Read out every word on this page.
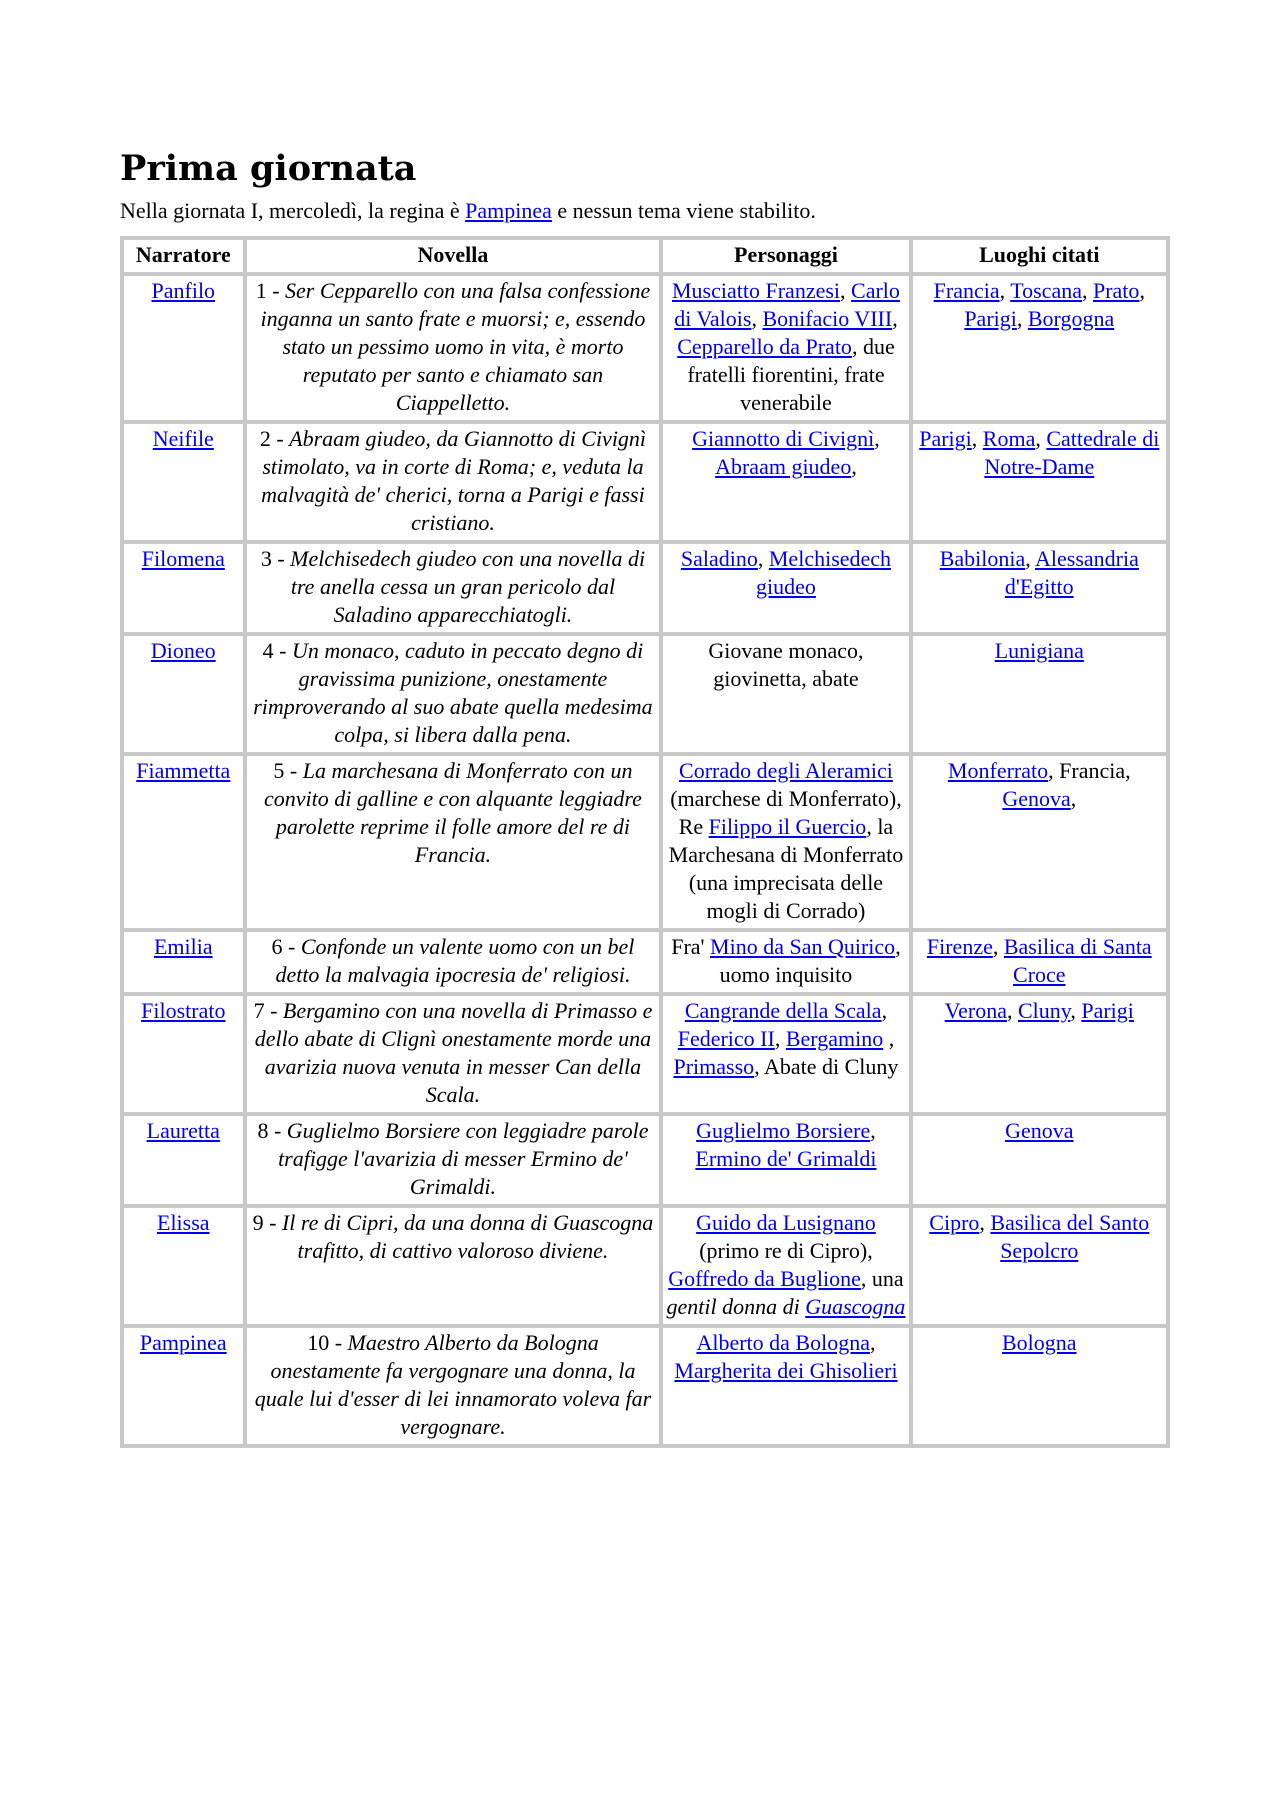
Prima giornata
Nella giornata I, mercoledì, la regina è Pampinea e nessun tema viene stabilito.
Narratore	Novella	Personaggi	Luoghi citati
Panfilo	1 - Ser Cepparello con una falsa confessione inganna un santo frate e muorsi; e, essendo stato un pessimo uomo in vita, è morto reputato per santo e chiamato san Ciappelletto.	Musciatto Franzesi, Carlo di Valois, Bonifacio VIII, Cepparello da Prato, due fratelli fiorentini, frate venerabile	Francia, Toscana, Prato, Parigi, Borgogna
Neifile	2 - Abraam giudeo, da Giannotto di Civignì stimolato, va in corte di Roma; e, veduta la malvagità de' cherici, torna a Parigi e fassi cristiano.	Giannotto di Civignì, Abraam giudeo,	Parigi, Roma, Cattedrale di Notre-Dame
Filomena	3 - Melchisedech giudeo con una novella di tre anella cessa un gran pericolo dal Saladino apparecchiatogli.	Saladino, Melchisedech giudeo	Babilonia, Alessandria d'Egitto
Dioneo	4 - Un monaco, caduto in peccato degno di gravissima punizione, onestamente rimproverando al suo abate quella medesima colpa, si libera dalla pena.	Giovane monaco, giovinetta, abate	Lunigiana
Fiammetta	5 - La marchesana di Monferrato con un convito di galline e con alquante leggiadre parolette reprime il folle amore del re di Francia.	Corrado degli Aleramici (marchese di Monferrato), Re Filippo il Guercio, la Marchesana di Monferrato (una imprecisata delle mogli di Corrado)	Monferrato, Francia, Genova,
Emilia	6 - Confonde un valente uomo con un bel detto la malvagia ipocresia de' religiosi.	Fra' Mino da San Quirico, uomo inquisito	Firenze, Basilica di Santa Croce
Filostrato	7 - Bergamino con una novella di Primasso e dello abate di Clignì onestamente morde una avarizia nuova venuta in messer Can della Scala.	Cangrande della Scala, Federico II, Bergamino , Primasso, Abate di Cluny	Verona, Cluny, Parigi
Lauretta	8 - Guglielmo Borsiere con leggiadre parole trafigge l'avarizia di messer Ermino de' Grimaldi.	Guglielmo Borsiere, Ermino de' Grimaldi	Genova
Elissa	9 - Il re di Cipri, da una donna di Guascogna trafitto, di cattivo valoroso diviene.	Guido da Lusignano (primo re di Cipro), Goffredo da Buglione, una gentil donna di Guascogna	Cipro, Basilica del Santo Sepolcro
Pampinea	10 - Maestro Alberto da Bologna onestamente fa vergognare una donna, la quale lui d'esser di lei innamorato voleva far vergognare.	Alberto da Bologna, Margherita dei Ghisolieri	Bologna
